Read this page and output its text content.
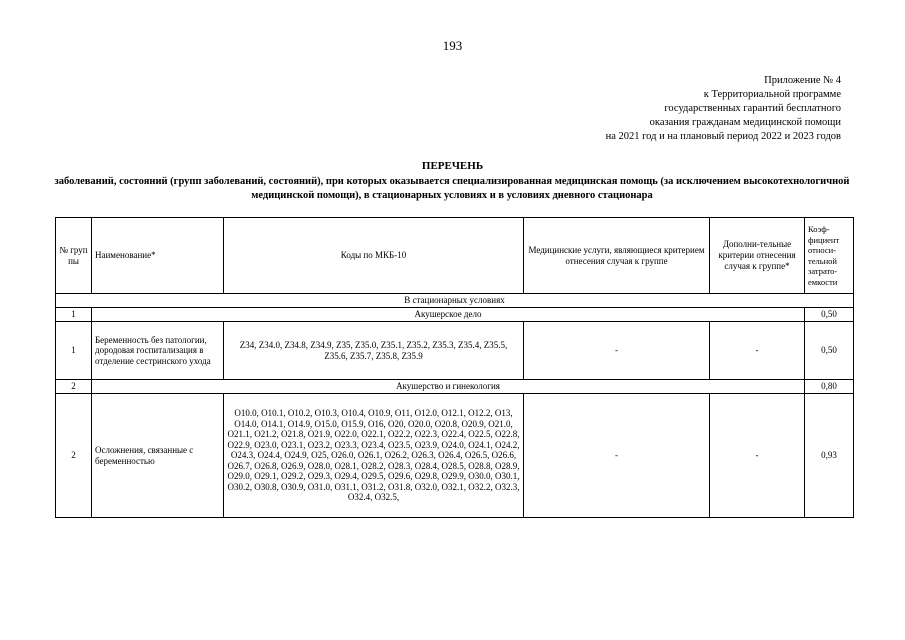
193
Приложение № 4
к Территориальной программе
государственных гарантий бесплатного
оказания гражданам медицинской помощи
на 2021 год и на плановый период 2022 и 2023 годов
ПЕРЕЧЕНЬ
заболеваний, состояний (групп заболеваний, состояний), при которых оказывается специализированная медицинская помощь (за исключением высокотехнологичной медицинской помощи), в стационарных условиях и в условиях дневного стационара
№ груп пы	Наименование*	Коды по МКБ-10	Медицинские услуги, являющиеся критерием отнесения случая к группе	Дополни-тельные критерии отнесения случая к группе*	Коэф-фициент относи-тельной затрато-емкости
В стационарных условиях					
1	Акушерское дело				0,50
1	Беременность без патологии, дородовая госпитализация в отделение сестринского ухода	Z34, Z34.0, Z34.8, Z34.9, Z35, Z35.0, Z35.1, Z35.2, Z35.3, Z35.4, Z35.5, Z35.6, Z35.7, Z35.8, Z35.9	-	-	0,50
2	Акушерство и гинекология				0,80
2	Осложнения, связанные с беременностью	O10.0, O10.1, O10.2, O10.3, O10.4, O10.9, O11, O12.0, O12.1, O12.2, O13, O14.0, O14.1, O14.9, O15.0, O15.9, O16, O20, O20.0, O20.8, O20.9, O21.0, O21.1, O21.2, O21.8, O21.9, O22.0, O22.1, O22.2, O22.3, O22.4, O22.5, O22.8, O22.9, O23.0, O23.1, O23.2, O23.3, O23.4, O23.5, O23.9, O24.0, O24.1, O24.2, O24.3, O24.4, O24.9, O25, O26.0, O26.1, O26.2, O26.3, O26.4, O26.5, O26.6, O26.7, O26.8, O26.9, O28.0, O28.1, O28.2, O28.3, O28.4, O28.5, O28.8, O28.9, O29.0, O29.1, O29.2, O29.3, O29.4, O29.5, O29.6, O29.8, O29.9, O30.0, O30.1, O30.2, O30.8, O30.9, O31.0, O31.1, O31.2, O31.8, O32.0, O32.1, O32.2, O32.3, O32.4, O32.5,	-	-	0,93
